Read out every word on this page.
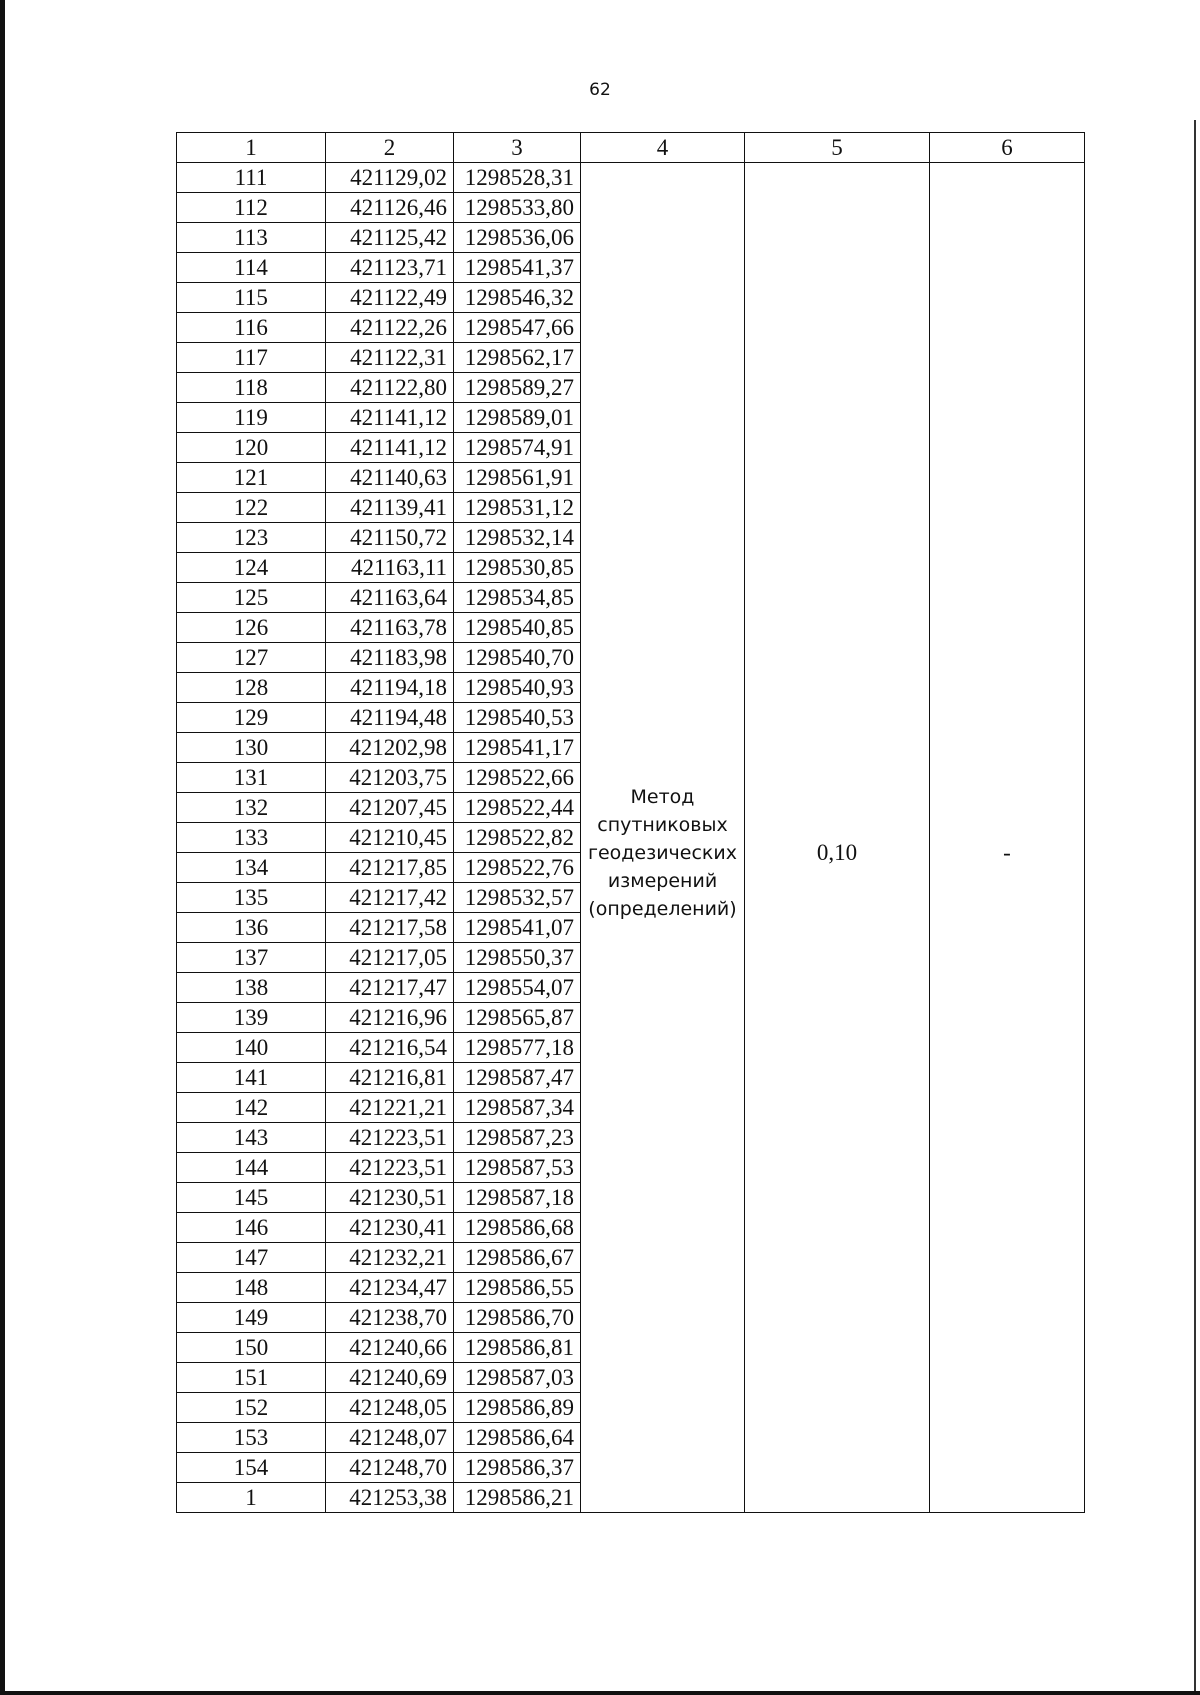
62
1	2	3	4	5	6
111	421129,02	1298528,31	Метод спутниковых геодезических измерений (определений)	0,10	-

112	421126,46	1298533,80			
113	421125,42	1298536,06			
114	421123,71	1298541,37			
115	421122,49	1298546,32			
116	421122,26	1298547,66			
117	421122,31	1298562,17			
118	421122,80	1298589,27			
119	421141,12	1298589,01			
120	421141,12	1298574,91			
121	421140,63	1298561,91			
122	421139,41	1298531,12			
123	421150,72	1298532,14			
124	421163,11	1298530,85			
125	421163,64	1298534,85			
126	421163,78	1298540,85			
127	421183,98	1298540,70			
128	421194,18	1298540,93			
129	421194,48	1298540,53			
130	421202,98	1298541,17			
131	421203,75	1298522,66			
132	421207,45	1298522,44			
133	421210,45	1298522,82			
134	421217,85	1298522,76			
135	421217,42	1298532,57			
136	421217,58	1298541,07			
137	421217,05	1298550,37			
138	421217,47	1298554,07			
139	421216,96	1298565,87			
140	421216,54	1298577,18			
141	421216,81	1298587,47			
142	421221,21	1298587,34			
143	421223,51	1298587,23			
144	421223,51	1298587,53			
145	421230,51	1298587,18			
146	421230,41	1298586,68			
147	421232,21	1298586,67			
148	421234,47	1298586,55			
149	421238,70	1298586,70			
150	421240,66	1298586,81			
151	421240,69	1298587,03			
152	421248,05	1298586,89			
153	421248,07	1298586,64			
154	421248,70	1298586,37			
1	421253,38	1298586,21			
